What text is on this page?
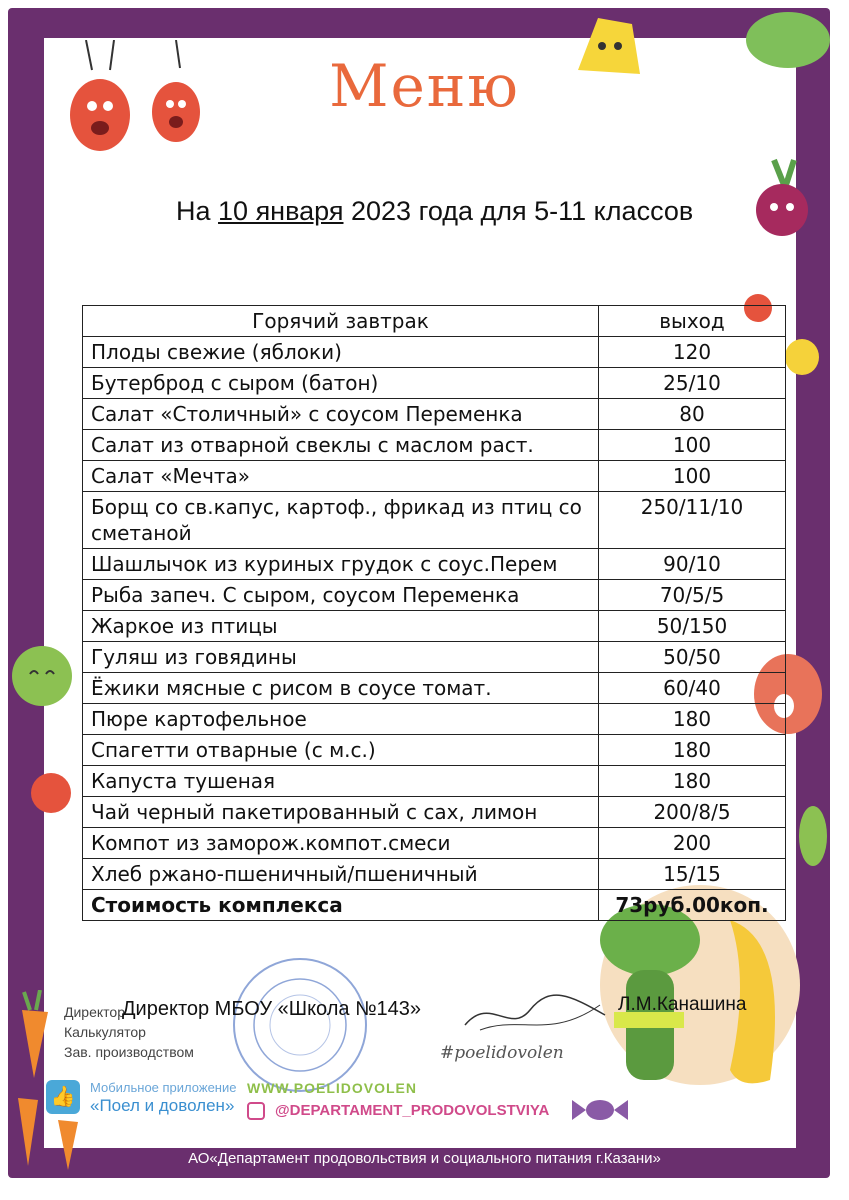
Меню
На 10 января 2023 года для 5-11 классов
Горячий завтрак	выход
Плоды свежие (яблоки)	120
Бутерброд с сыром (батон)	25/10
Салат «Столичный» с соусом Переменка	80
Салат из отварной свеклы с маслом раст.	100
Салат «Мечта»	100
Борщ со св.капус, картоф., фрикад из птиц со сметаной	250/11/10
Шашлычок из куриных грудок с соус.Перем	90/10
Рыба запеч. С сыром, соусом Переменка	70/5/5
Жаркое из птицы	50/150
Гуляш из говядины	50/50
Ёжики мясные с рисом в соусе томат.	60/40
Пюре картофельное	180
Спагетти отварные (с м.с.)	180
Капуста тушеная	180
Чай черный пакетированный с сах, лимон	200/8/5
Компот из заморож.компот.смеси	200
Хлеб ржано-пшеничный/пшеничный	15/15
Стоимость комплекса	73руб.00коп.
Директор
Калькулятор
Зав. производством
Директор МБОУ «Школа №143»	Л.М.Канашина
#poelidovolen
👍	Мобильное приложение
«Поел и доволен»
WWW.POELIDOVOLEN
@DEPARTAMENT_PRODOVOLSTVIYA
АО«Департамент продовольствия и социального питания г.Казани»
